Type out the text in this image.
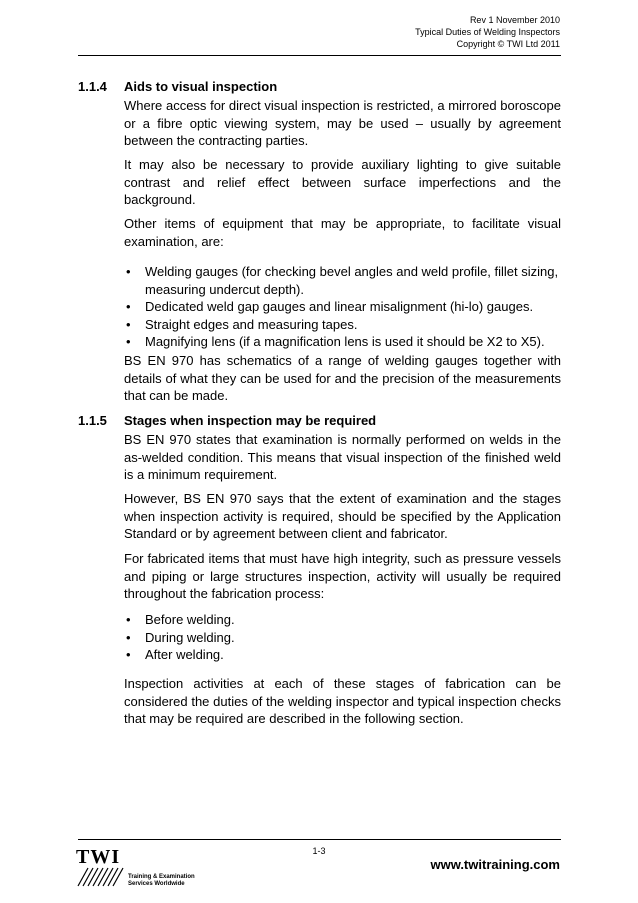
Rev 1 November 2010
Typical Duties of Welding Inspectors
Copyright © TWI Ltd 2011
1.1.4 Aids to visual inspection

Where access for direct visual inspection is restricted, a mirrored boroscope or a fibre optic viewing system, may be used – usually by agreement between the contracting parties.

It may also be necessary to provide auxiliary lighting to give suitable contrast and relief effect between surface imperfections and the background.

Other items of equipment that may be appropriate, to facilitate visual examination, are:

• Welding gauges (for checking bevel angles and weld profile, fillet sizing, measuring undercut depth).
• Dedicated weld gap gauges and linear misalignment (hi-lo) gauges.
• Straight edges and measuring tapes.
• Magnifying lens (if a magnification lens is used it should be X2 to X5).

BS EN 970 has schematics of a range of welding gauges together with details of what they can be used for and the precision of the measurements that can be made.

1.1.5 Stages when inspection may be required

BS EN 970 states that examination is normally performed on welds in the as-welded condition. This means that visual inspection of the finished weld is a minimum requirement.

However, BS EN 970 says that the extent of examination and the stages when inspection activity is required, should be specified by the Application Standard or by agreement between client and fabricator.

For fabricated items that must have high integrity, such as pressure vessels and piping or large structures inspection, activity will usually be required throughout the fabrication process:

• Before welding.
• During welding.
• After welding.

Inspection activities at each of these stages of fabrication can be considered the duties of the welding inspector and typical inspection checks that may be required are described in the following section.

1-3
TWI
Training & Examination
Services Worldwide
www.twitraining.com
